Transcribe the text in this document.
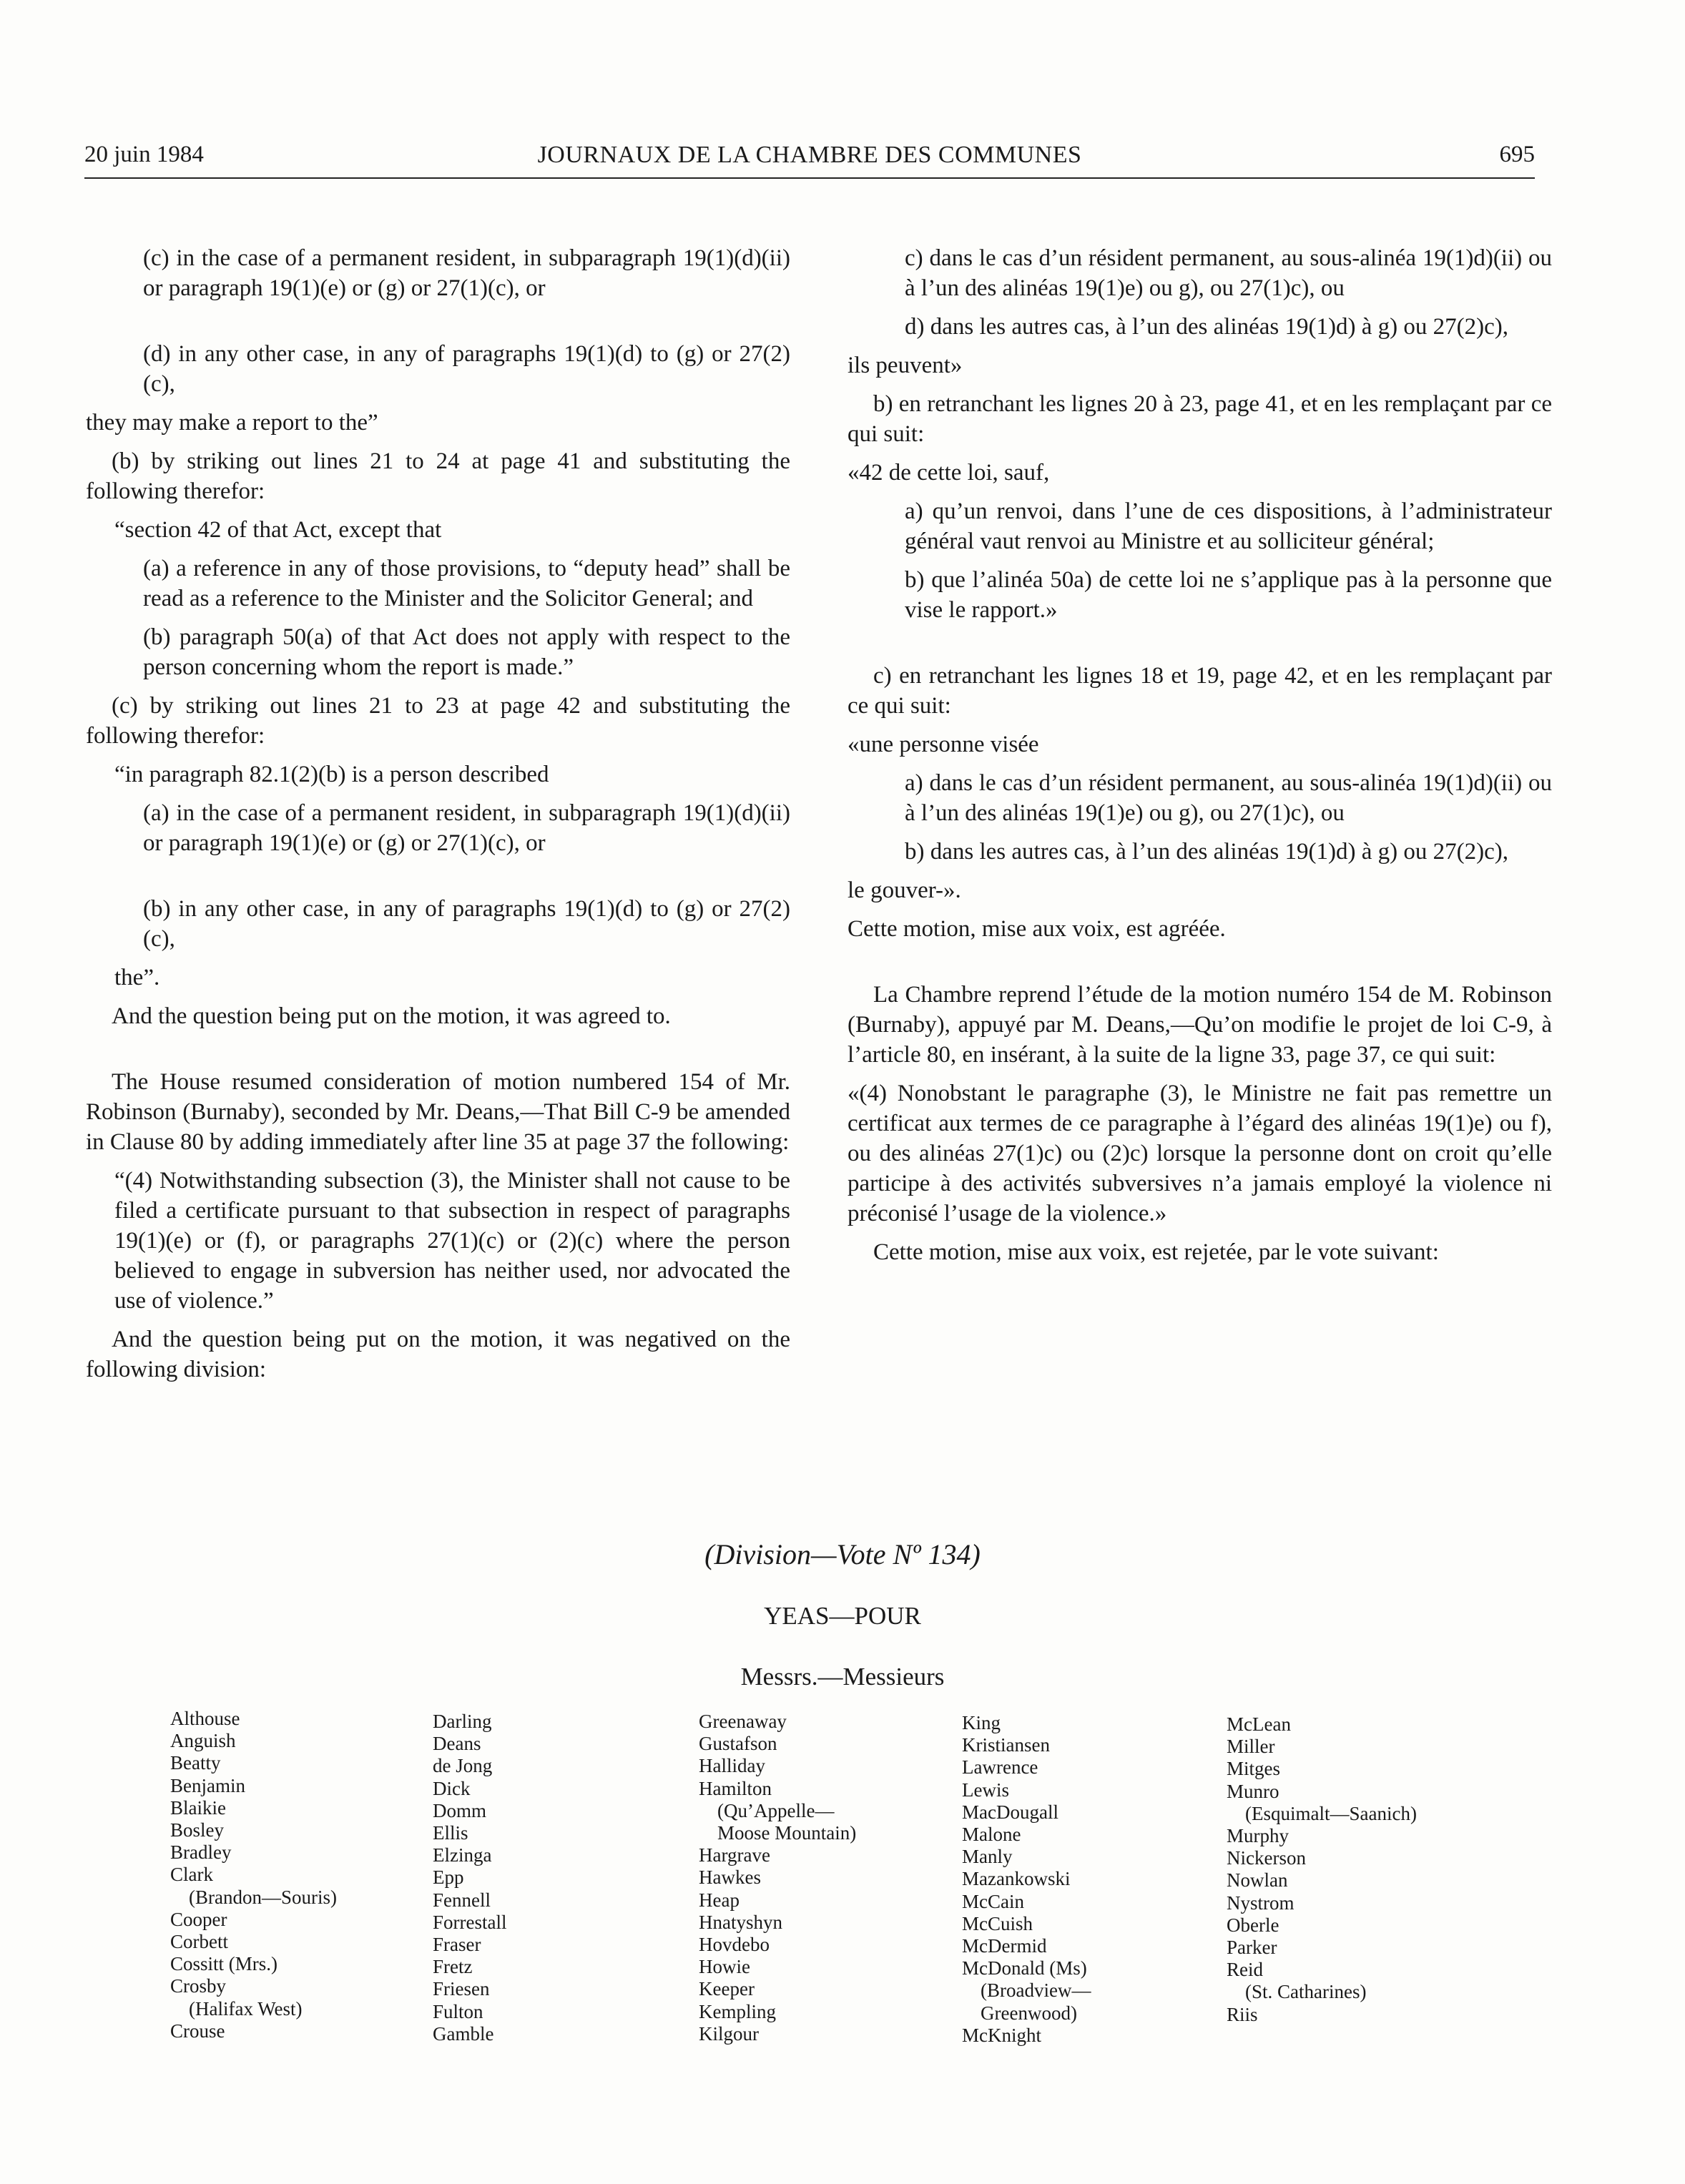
20 juin 1984	JOURNAUX DE LA CHAMBRE DES COMMUNES	695

(c) in the case of a permanent resident, in subparagraph 19(1)(d)(ii) or paragraph 19(1)(e) or (g) or 27(1)(c), or

(d) in any other case, in any of paragraphs 19(1)(d) to (g) or 27(2)(c),

they may make a report to the”

(b) by striking out lines 21 to 24 at page 41 and substituting the following therefor:

“section 42 of that Act, except that

(a) a reference in any of those provisions, to “deputy head” shall be read as a reference to the Minister and the Solicitor General; and

(b) paragraph 50(a) of that Act does not apply with respect to the person concerning whom the report is made.”

(c) by striking out lines 21 to 23 at page 42 and substituting the following therefor:

“in paragraph 82.1(2)(b) is a person described

(a) in the case of a permanent resident, in subparagraph 19(1)(d)(ii) or paragraph 19(1)(e) or (g) or 27(1)(c), or

(b) in any other case, in any of paragraphs 19(1)(d) to (g) or 27(2)(c),

the”.

And the question being put on the motion, it was agreed to.

The House resumed consideration of motion numbered 154 of Mr. Robinson (Burnaby), seconded by Mr. Deans,—That Bill C-9 be amended in Clause 80 by adding immediately after line 35 at page 37 the following:

“(4) Notwithstanding subsection (3), the Minister shall not cause to be filed a certificate pursuant to that subsection in respect of paragraphs 19(1)(e) or (f), or paragraphs 27(1)(c) or (2)(c) where the person believed to engage in subversion has neither used, nor advocated the use of violence.”

And the question being put on the motion, it was negatived on the following division:

c) dans le cas d’un résident permanent, au sous-alinéa 19(1)d)(ii) ou à l’un des alinéas 19(1)e) ou g), ou 27(1)c), ou

d) dans les autres cas, à l’un des alinéas 19(1)d) à g) ou 27(2)c),

ils peuvent»

b) en retranchant les lignes 20 à 23, page 41, et en les remplaçant par ce qui suit:

«42 de cette loi, sauf,

a) qu’un renvoi, dans l’une de ces dispositions, à l’administrateur général vaut renvoi au Ministre et au solliciteur général;

b) que l’alinéa 50a) de cette loi ne s’applique pas à la personne que vise le rapport.»

c) en retranchant les lignes 18 et 19, page 42, et en les remplaçant par ce qui suit:

«une personne visée

a) dans le cas d’un résident permanent, au sous-alinéa 19(1)d)(ii) ou à l’un des alinéas 19(1)e) ou g), ou 27(1)c), ou

b) dans les autres cas, à l’un des alinéas 19(1)d) à g) ou 27(2)c),

le gouver-».

Cette motion, mise aux voix, est agréée.

La Chambre reprend l’étude de la motion numéro 154 de M. Robinson (Burnaby), appuyé par M. Deans,—Qu’on modifie le projet de loi C-9, à l’article 80, en insérant, à la suite de la ligne 33, page 37, ce qui suit:

«(4) Nonobstant le paragraphe (3), le Ministre ne fait pas remettre un certificat aux termes de ce paragraphe à l’égard des alinéas 19(1)e) ou f), ou des alinéas 27(1)c) ou (2)c) lorsque la personne dont on croit qu’elle participe à des activités subversives n’a jamais employé la violence ni préconisé l’usage de la violence.»

Cette motion, mise aux voix, est rejetée, par le vote suivant:

(Division—Vote Nº 134)
YEAS—POUR
Messrs.—Messieurs
Althouse
Anguish
Beatty
Benjamin
Blaikie
Bosley
Bradley
Clark
(Brandon—Souris)
Cooper
Corbett
Cossitt (Mrs.)
Crosby
(Halifax West)
Crouse
Darling
Deans
de Jong
Dick
Domm
Ellis
Elzinga
Epp
Fennell
Forrestall
Fraser
Fretz
Friesen
Fulton
Gamble
Greenaway
Gustafson
Halliday
Hamilton
(Qu’Appelle—
Moose Mountain)
Hargrave
Hawkes
Heap
Hnatyshyn
Hovdebo
Howie
Keeper
Kempling
Kilgour
King
Kristiansen
Lawrence
Lewis
MacDougall
Malone
Manly
Mazankowski
McCain
McCuish
McDermid
McDonald (Ms)
(Broadview—
Greenwood)
McKnight
McLean
Miller
Mitges
Munro
(Esquimalt—Saanich)
Murphy
Nickerson
Nowlan
Nystrom
Oberle
Parker
Reid
(St. Catharines)
Riis
